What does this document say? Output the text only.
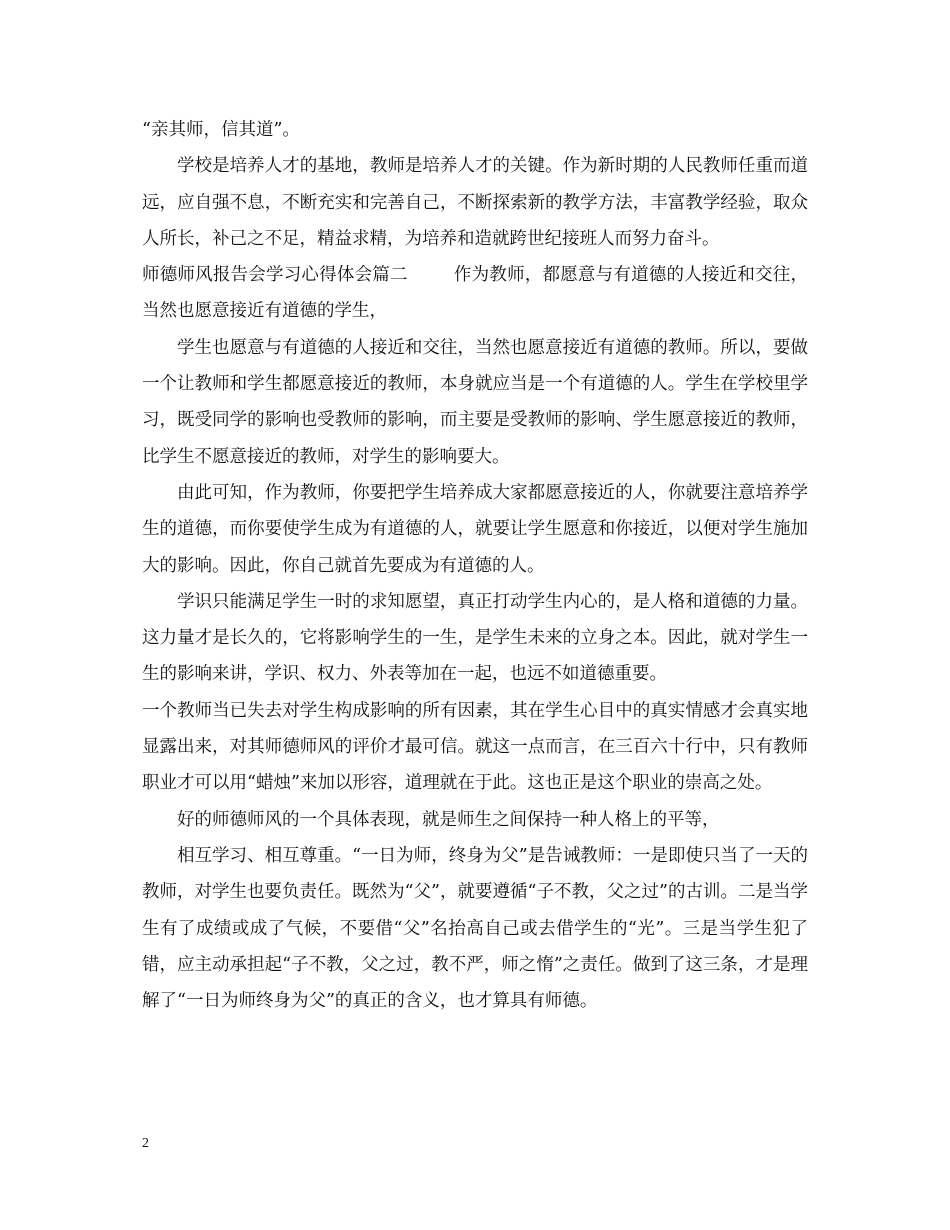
“亲其师，信其道”。

学校是培养人才的基地，教师是培养人才的关键。作为新时期的人民教师任重而道远，应自强不息，不断充实和完善自己，不断探索新的教学方法，丰富教学经验，取众人所长，补己之不足，精益求精，为培养和造就跨世纪接班人而努力奋斗。

师德师风报告会学习心得体会篇二	作为教师，都愿意与有道德的人接近和交往，当然也愿意接近有道德的学生，

学生也愿意与有道德的人接近和交往，当然也愿意接近有道德的教师。所以，要做一个让教师和学生都愿意接近的教师，本身就应当是一个有道德的人。学生在学校里学习，既受同学的影响也受教师的影响，而主要是受教师的影响、学生愿意接近的教师，比学生不愿意接近的教师，对学生的影响要大。

由此可知，作为教师，你要把学生培养成大家都愿意接近的人，你就要注意培养学生的道德，而你要使学生成为有道德的人，就要让学生愿意和你接近，以便对学生施加大的影响。因此，你自己就首先要成为有道德的人。

学识只能满足学生一时的求知愿望，真正打动学生内心的，是人格和道德的力量。这力量才是长久的，它将影响学生的一生，是学生未来的立身之本。因此，就对学生一生的影响来讲，学识、权力、外表等加在一起，也远不如道德重要。

一个教师当已失去对学生构成影响的所有因素，其在学生心目中的真实情感才会真实地显露出来，对其师德师风的评价才最可信。就这一点而言，在三百六十行中，只有教师职业才可以用“蜡烛”来加以形容，道理就在于此。这也正是这个职业的崇高之处。

好的师德师风的一个具体表现，就是师生之间保持一种人格上的平等，

相互学习、相互尊重。“一日为师，终身为父”是告诫教师：一是即使只当了一天的教师，对学生也要负责任。既然为“父”，就要遵循“子不教，父之过”的古训。二是当学生有了成绩或成了气候，不要借“父”名抬高自己或去借学生的“光”。三是当学生犯了错，应主动承担起“子不教，父之过，教不严，师之惰”之责任。做到了这三条，才是理解了“一日为师终身为父”的真正的含义，也才算具有师德。

2
